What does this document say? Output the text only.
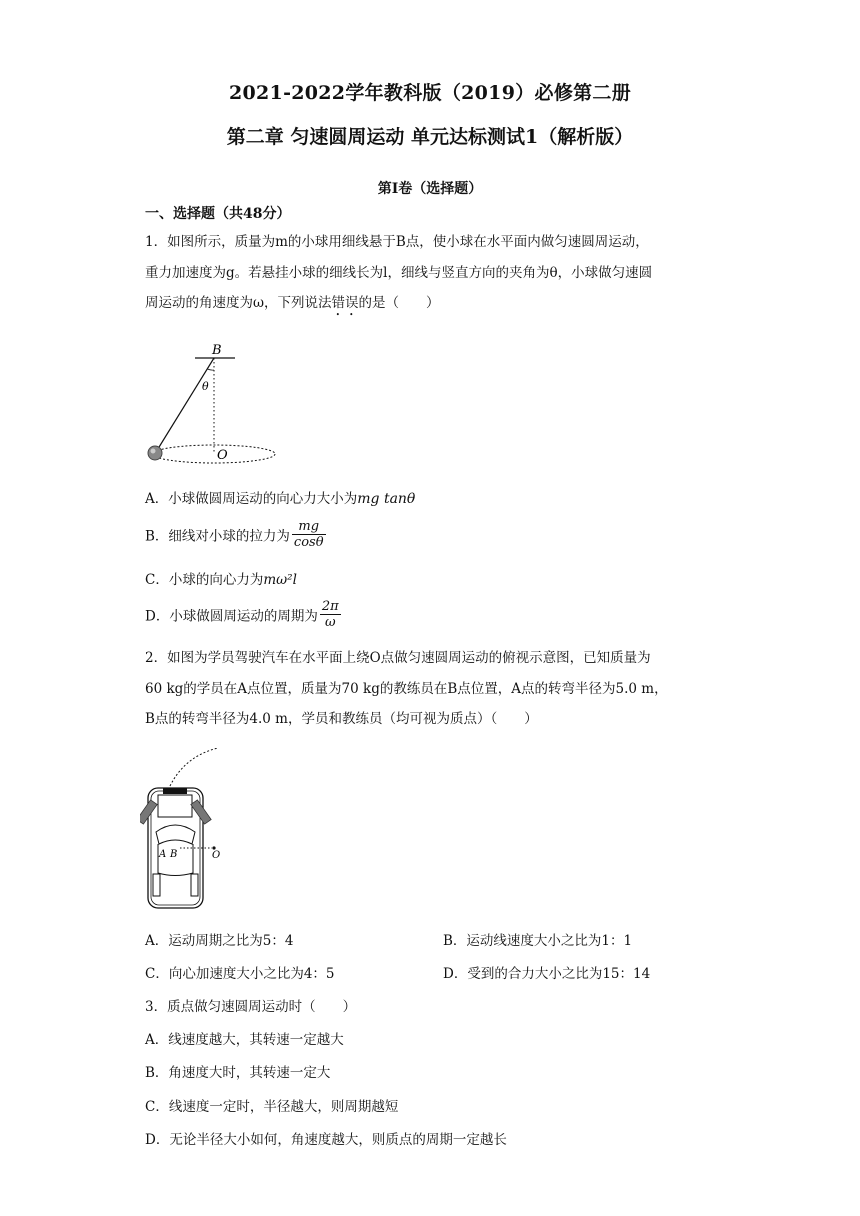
2021-2022学年教科版（2019）必修第二册
第二章 匀速圆周运动 单元达标测试1（解析版）
第Ⅰ卷（选择题）
一、选择题（共48分）
1．如图所示，质量为m的小球用细线悬于B点，使小球在水平面内做匀速圆周运动，
重力加速度为g。若悬挂小球的细线长为l，细线与竖直方向的夹角为θ，小球做匀速圆
周运动的角速度为ω，下列说法错误的是（　　）
B
θ
O
A．小球做圆周运动的向心力大小为mg tanθ
B．细线对小球的拉力为 $\frac{mg}{\cos\theta}$
C．小球的向心力为mω²l
D．小球做圆周运动的周期为 $\frac{2\pi}{\omega}$
2．如图为学员驾驶汽车在水平面上绕O点做匀速圆周运动的俯视示意图，已知质量为
60 kg的学员在A点位置，质量为70 kg的教练员在B点位置，A点的转弯半径为5.0 m，
B点的转弯半径为4.0 m，学员和教练员（均可视为质点）（　　）
A B	O
A．运动周期之比为5：4	B．运动线速度大小之比为1：1
C．向心加速度大小之比为4：5	D．受到的合力大小之比为15：14
3．质点做匀速圆周运动时（　　）
A．线速度越大，其转速一定越大
B．角速度大时，其转速一定大
C．线速度一定时，半径越大，则周期越短
D．无论半径大小如何，角速度越大，则质点的周期一定越长
